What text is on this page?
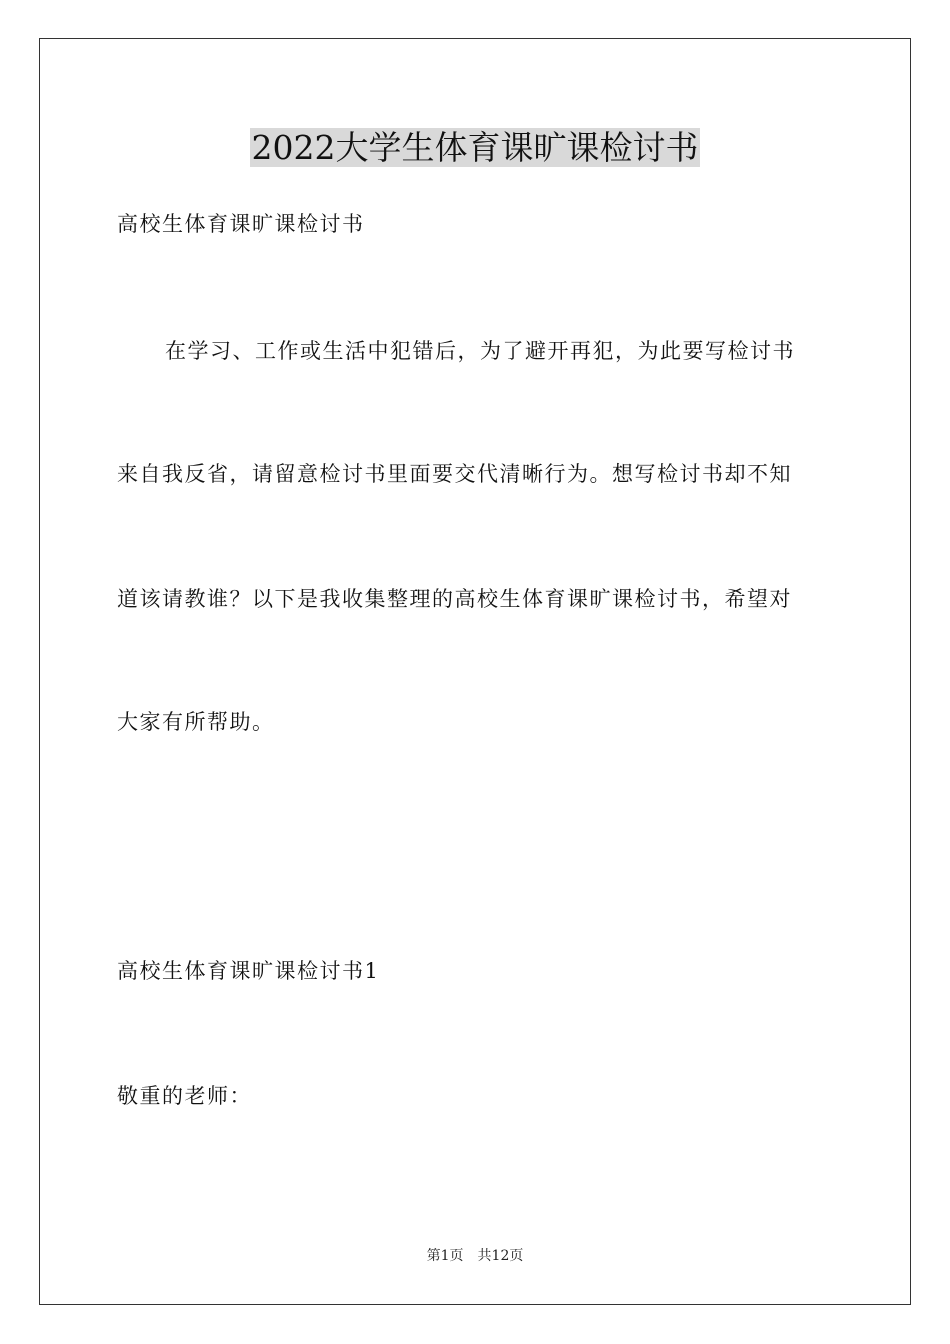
2022大学生体育课旷课检讨书
高校生体育课旷课检讨书
在学习、工作或生活中犯错后，为了避开再犯，为此要写检讨书
来自我反省，请留意检讨书里面要交代清晰行为。想写检讨书却不知
道该请教谁？以下是我收集整理的高校生体育课旷课检讨书，希望对
大家有所帮助。
高校生体育课旷课检讨书1
敬重的老师：
第1页 共12页
